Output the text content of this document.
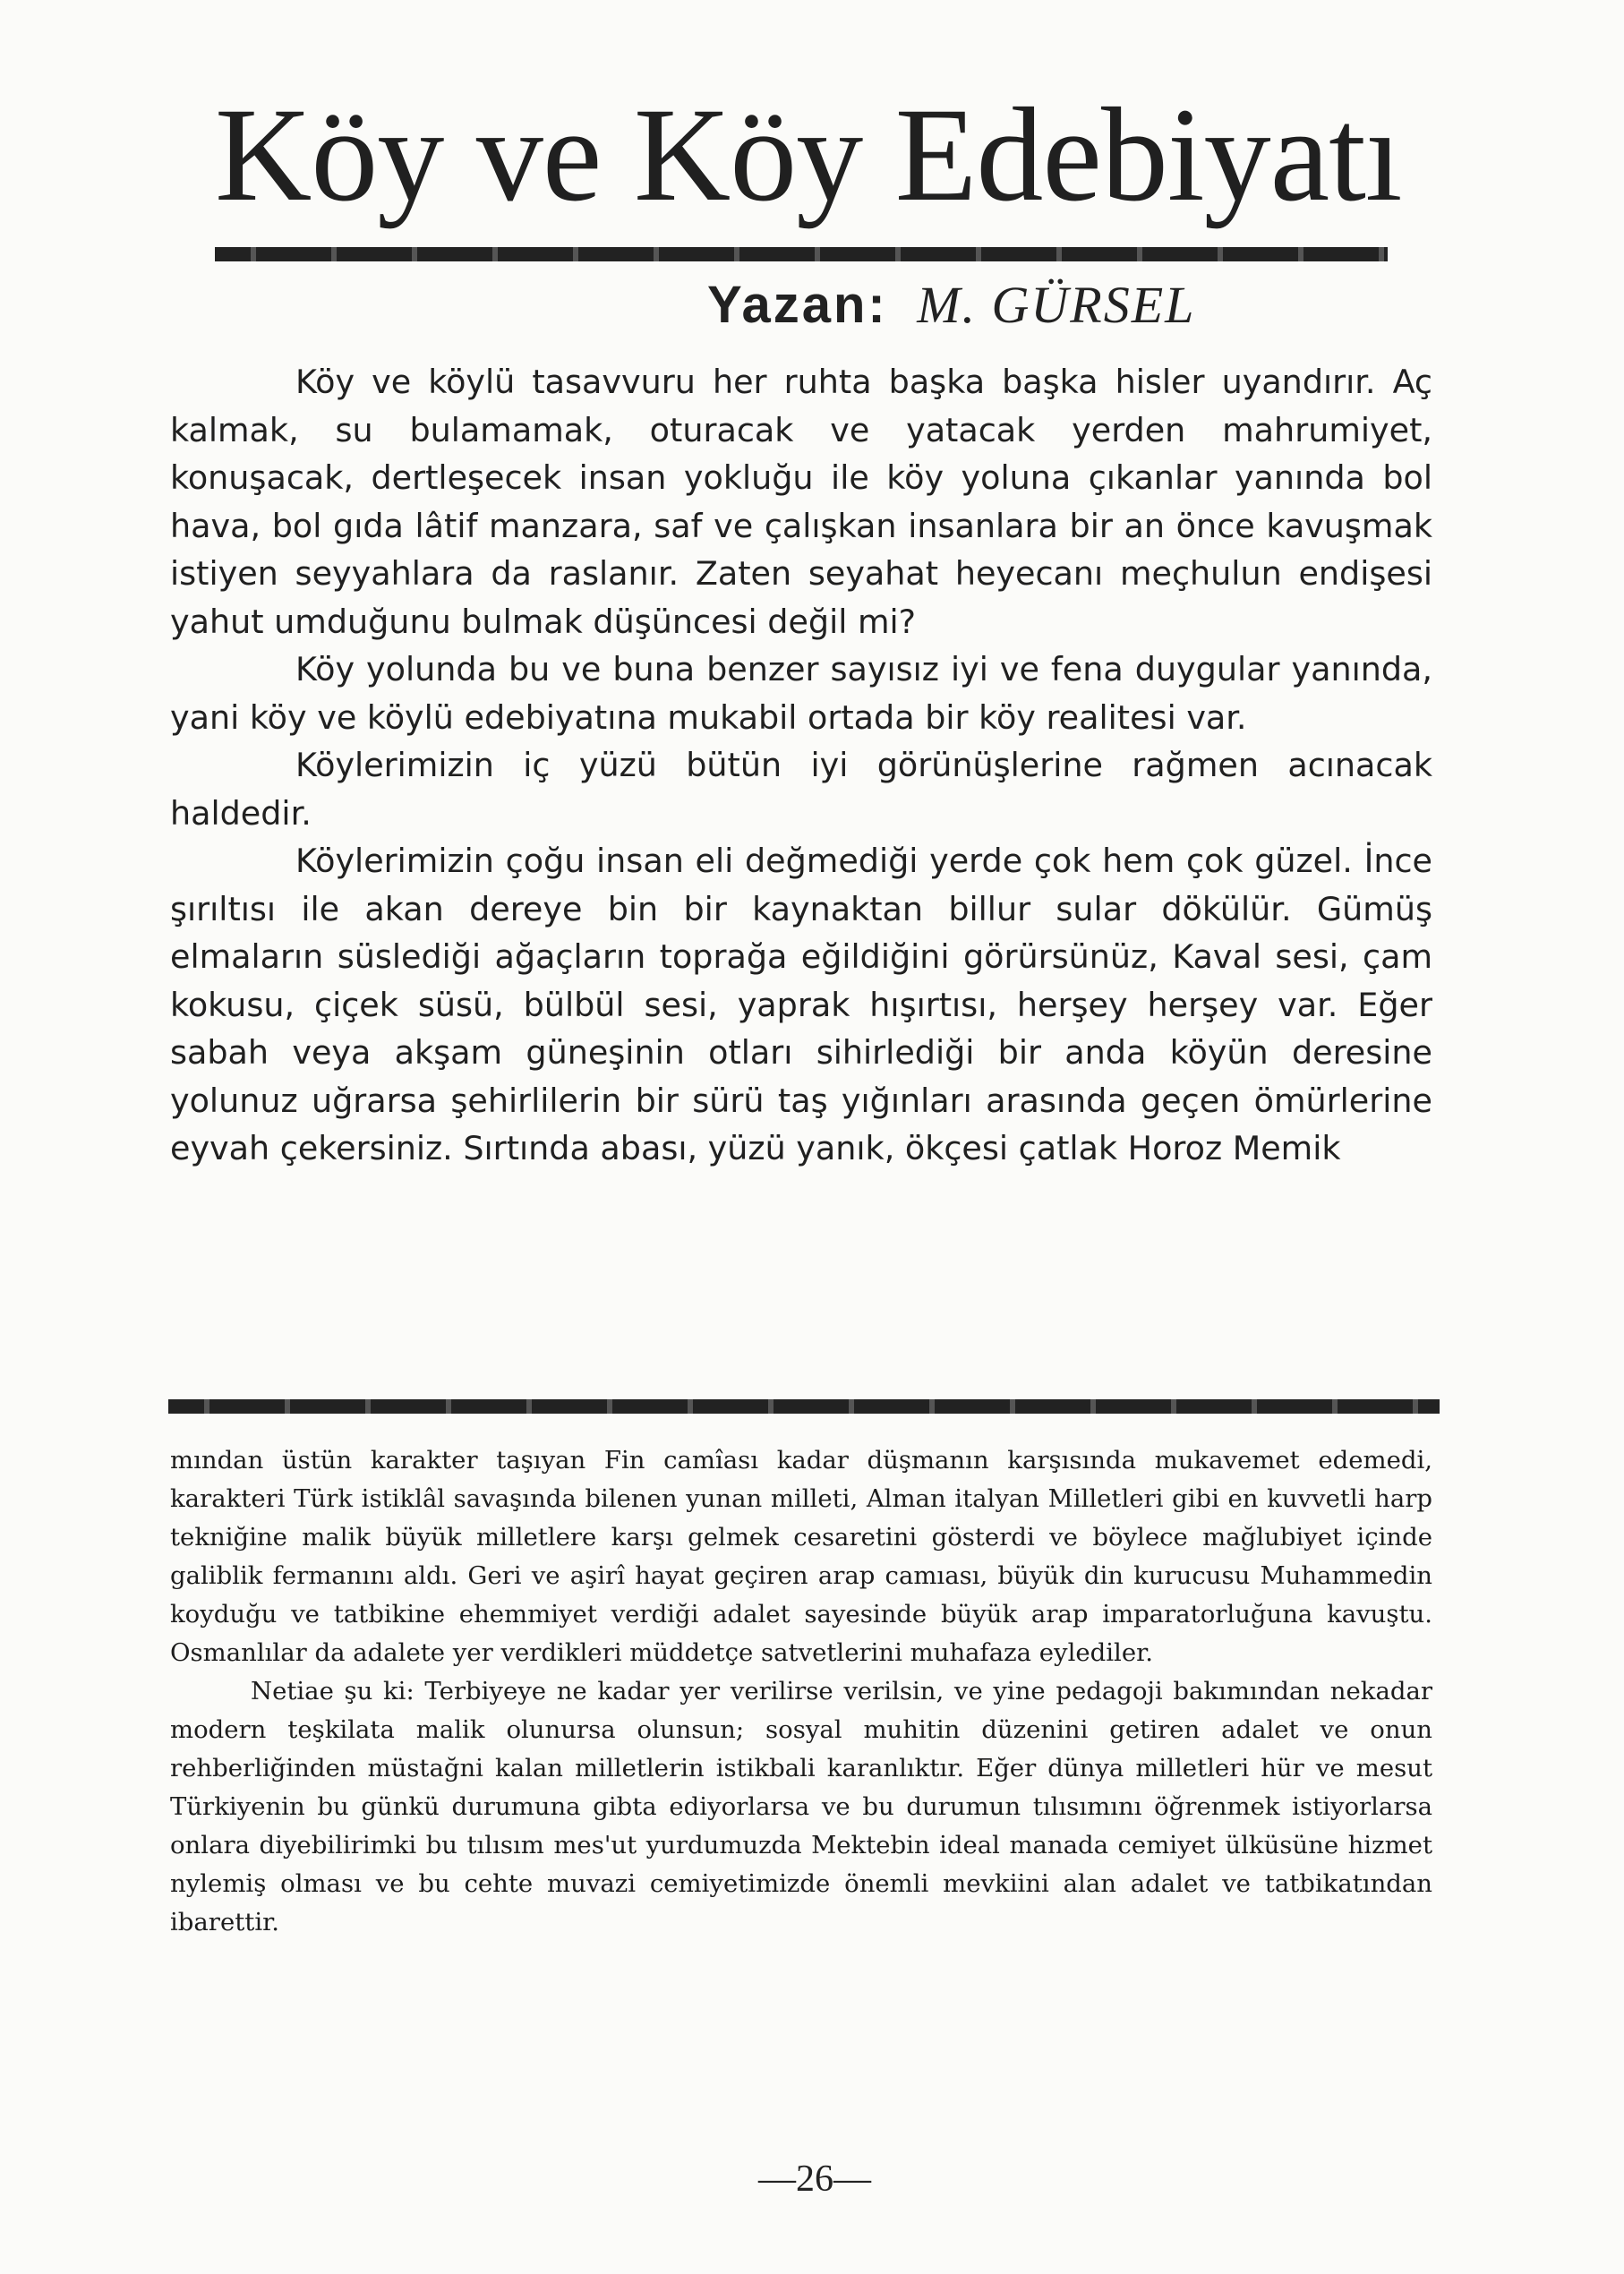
Köy ve Köy Edebiyatı
Yazan: M. GÜRSEL

Köy ve köylü tasavvuru her ruhta başka başka hisler uyandırır. Aç kalmak, su bulamamak, oturacak ve yatacak yerden mahrumiyet, konuşacak, dertleşecek insan yokluğu ile köy yoluna çıkanlar yanında bol hava, bol gıda lâtif manzara, saf ve çalışkan insanlara bir an önce kavuşmak istiyen seyyahlara da raslanır. Zaten seyahat heyecanı meçhulun endişesi yahut umduğunu bulmak düşüncesi değil mi?

Köy yolunda bu ve buna benzer sayısız iyi ve fena duygular yanında, yani köy ve köylü edebiyatına mukabil ortada bir köy realitesi var.

Köylerimizin iç yüzü bütün iyi görünüşlerine rağmen acınacak haldedir.

Köylerimizin çoğu insan eli değmediği yerde çok hem çok güzel. İnce şırıltısı ile akan dereye bin bir kaynaktan billur sular dökülür. Gümüş elmaların süslediği ağaçların toprağa eğildiğini görürsünüz, Kaval sesi, çam kokusu, çiçek süsü, bülbül sesi, yaprak hışırtısı, herşey herşey var. Eğer sabah veya akşam güneşinin otları sihirlediği bir anda köyün deresine yolunuz uğrarsa şehirlilerin bir sürü taş yığınları arasında geçen ömürlerine eyvah çekersiniz. Sırtında abası, yüzü yanık, ökçesi çatlak Horoz Memik

mından üstün karakter taşıyan Fin camîası kadar düşmanın karşısında mukavemet edemedi, karakteri Türk istiklâl savaşında bilenen yunan milleti, Alman italyan Milletleri gibi en kuvvetli harp tekniğine malik büyük milletlere karşı gelmek cesaretini gösterdi ve böylece mağlubiyet içinde galiblik fermanını aldı. Geri ve aşirî hayat geçiren arap camıası, büyük din kurucusu Muhammedin koyduğu ve tatbikine ehemmiyet verdiği adalet sayesinde büyük arap imparatorluğuna kavuştu. Osmanlılar da adalete yer verdikleri müddetçe satvetlerini muhafaza eylediler.

Netiae şu ki: Terbiyeye ne kadar yer verilirse verilsin, ve yine pedagoji bakımından nekadar modern teşkilata malik olunursa olunsun; sosyal muhitin düzenini getiren adalet ve onun rehberliğinden müstağni kalan milletlerin istikbali karanlıktır. Eğer dünya milletleri hür ve mesut Türkiyenin bu günkü durumuna gibta ediyorlarsa ve bu durumun tılısımını öğrenmek istiyorlarsa onlara diyebilirimki bu tılısım mes'ut yurdumuzda Mektebin ideal manada cemiyet ülküsüne hizmet nylemiş olması ve bu cehte muvazi cemiyetimizde önemli mevkiini alan adalet ve tatbikatından ibarettir.

—26—
